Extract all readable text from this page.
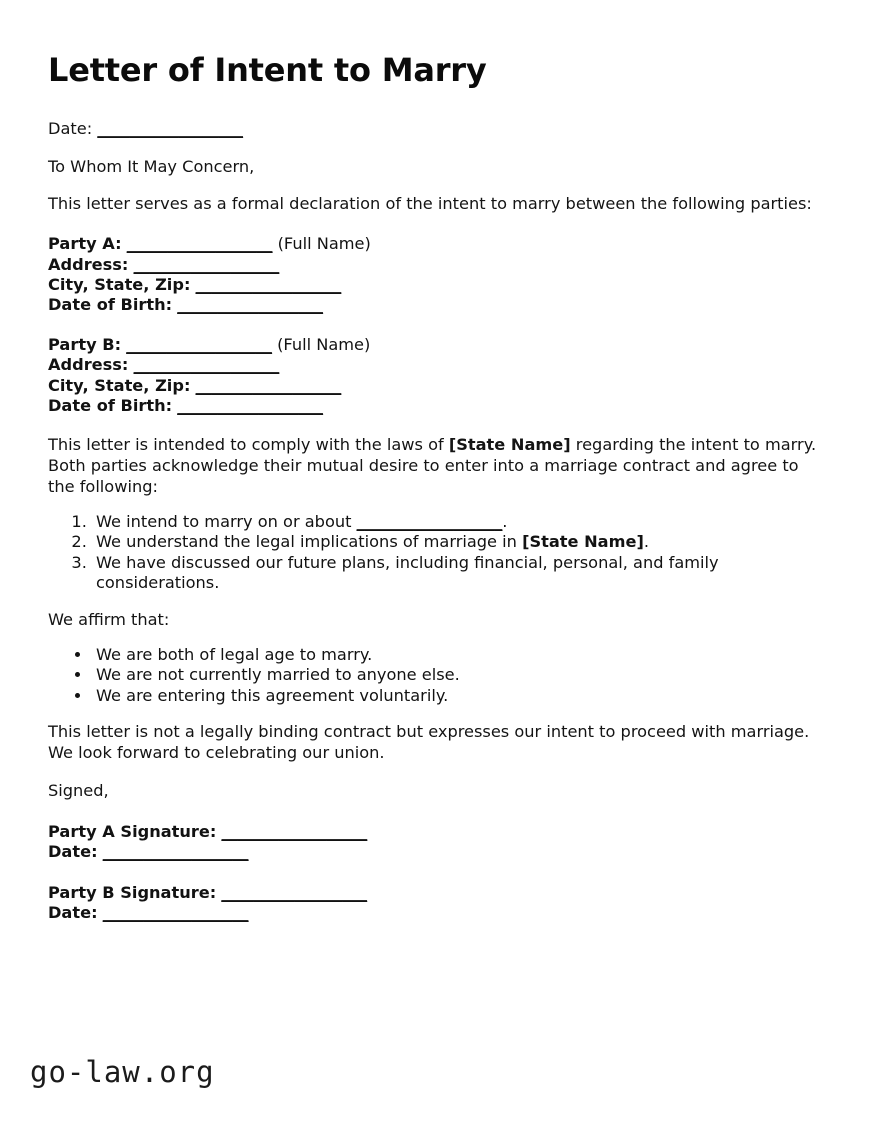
Letter of Intent to Marry

Date: __________________

To Whom It May Concern,

This letter serves as a formal declaration of the intent to marry between the following parties:

Party A: __________________ (Full Name)
Address: __________________
City, State, Zip: __________________
Date of Birth: __________________
Party B: __________________ (Full Name)
Address: __________________
City, State, Zip: __________________
Date of Birth: __________________

This letter is intended to comply with the laws of [State Name] regarding the intent to marry. Both parties acknowledge their mutual desire to enter into a marriage contract and agree to the following:

1. We intend to marry on or about __________________.
2. We understand the legal implications of marriage in [State Name].
3. We have discussed our future plans, including financial, personal, and family considerations.

We affirm that:

• We are both of legal age to marry.
• We are not currently married to anyone else.
• We are entering this agreement voluntarily.

This letter is not a legally binding contract but expresses our intent to proceed with marriage. We look forward to celebrating our union.

Signed,

Party A Signature: __________________
Date: __________________
Party B Signature: __________________
Date: __________________
go-law.org
